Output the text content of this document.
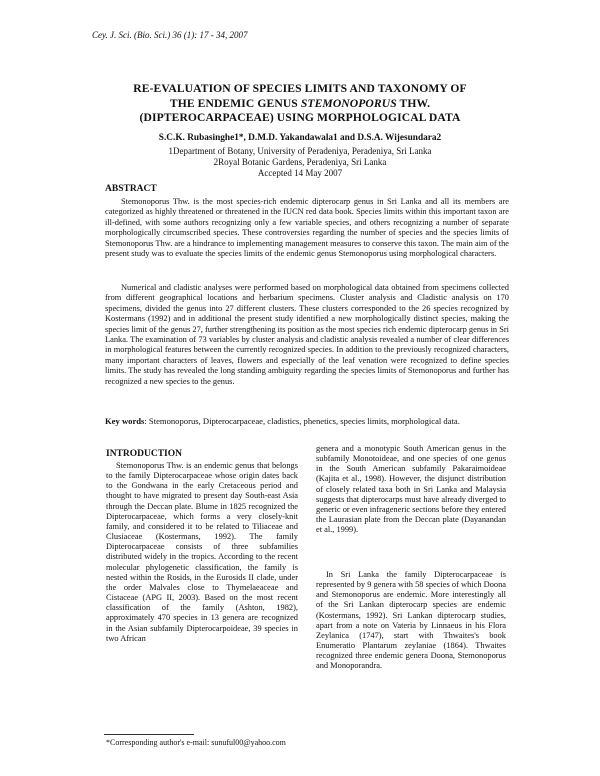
Cey. J. Sci. (Bio. Sci.) 36 (1): 17 - 34, 2007
RE-EVALUATION OF SPECIES LIMITS AND TAXONOMY OF
THE ENDEMIC GENUS STEMONOPORUS THW.
(DIPTEROCARPACEAE) USING MORPHOLOGICAL DATA
S.C.K. Rubasinghe1*, D.M.D. Yakandawala1 and D.S.A. Wijesundara2
1Department of Botany, University of Peradeniya, Peradeniya, Sri Lanka
2Royal Botanic Gardens, Peradeniya, Sri Lanka
Accepted 14 May 2007
ABSTRACT
Stemonoporus Thw. is the most species-rich endemic dipterocarp genus in Sri Lanka and all its members are categorized as highly threatened or threatened in the IUCN red data book. Species limits within this important taxon are ill-defined, with some authors recognizing only a few variable species, and others recognizing a number of separate morphologically circumscribed species. These controversies regarding the number of species and the species limits of Stemonoporus Thw. are a hindrance to implementing management measures to conserve this taxon. The main aim of the present study was to evaluate the species limits of the endemic genus Stemonoporus using morphological characters.
Numerical and cladistic analyses were performed based on morphological data obtained from specimens collected from different geographical locations and herbarium specimens. Cluster analysis and Cladistic analysis on 170 specimens, divided the genus into 27 different clusters. These clusters corresponded to the 26 species recognized by Kostermans (1992) and in additional the present study identified a new morphologically distinct species, making the species limit of the genus 27, further strengthening its position as the most species rich endemic dipterocarp genus in Sri Lanka. The examination of 73 variables by cluster analysis and cladistic analysis revealed a number of clear differences in morphological features between the currently recognized species. In addition to the previously recognized characters, many important characters of leaves, flowers and especially of the leaf venation were recognized to define species limits. The study has revealed the long standing ambiguity regarding the species limits of Stemonoporus and further has recognized a new species to the genus.
Key words: Stemonoporus, Dipterocarpaceae, cladistics, phenetics, species limits, morphological data.
INTRODUCTION
Stemonoporus Thw. is an endemic genus that belongs to the family Dipterocarpaceae whose origin dates back to the Gondwana in the early Cretaceous period and thought to have migrated to present day South-east Asia through the Deccan plate. Blume in 1825 recognized the Dipterocarpaceae, which forms a very closely-knit family, and considered it to be related to Tiliaceae and Clusiaceae (Kostermans, 1992). The family Dipterocarpaceae consists of three subfamilies distributed widely in the tropics. According to the recent molecular phylogenetic classification, the family is nested within the Rosids, in the Eurosids II clade, under the order Malvales close to Thymelaeaceae and Cistaceae (APG II, 2003). Based on the most recent classification of the family (Ashton, 1982), approximately 470 species in 13 genera are recognized in the Asian subfamily Dipterocarpoideae, 39 species in two African
genera and a monotypic South American genus in the subfamily Monotoideae, and one species of one genus in the South American subfamily Pakaraimoideae (Kajita et al., 1998). However, the disjunct distribution of closely related taxa both in Sri Lanka and Malaysia suggests that dipterocarps must have already diverged to generic or even infrageneric sections before they entered the Laurasian plate from the Deccan plate (Dayanandan et al., 1999).
In Sri Lanka the family Dipterocarpaceae is represented by 9 genera with 58 species of which Doona and Stemonoporus are endemic. More interestingly all of the Sri Lankan dipterocarp species are endemic (Kostermans, 1992). Sri Lankan dipterocarp studies, apart from a note on Vateria by Linnaeus in his Flora Zeylanica (1747), start with Thwaites's book Enumeratio Plantarum zeylaniae (1864). Thwaites recognized three endemic genera Doona, Stemonoporus and Monoporandra.
*Corresponding author's e-mail: sunuful00@yahoo.com
